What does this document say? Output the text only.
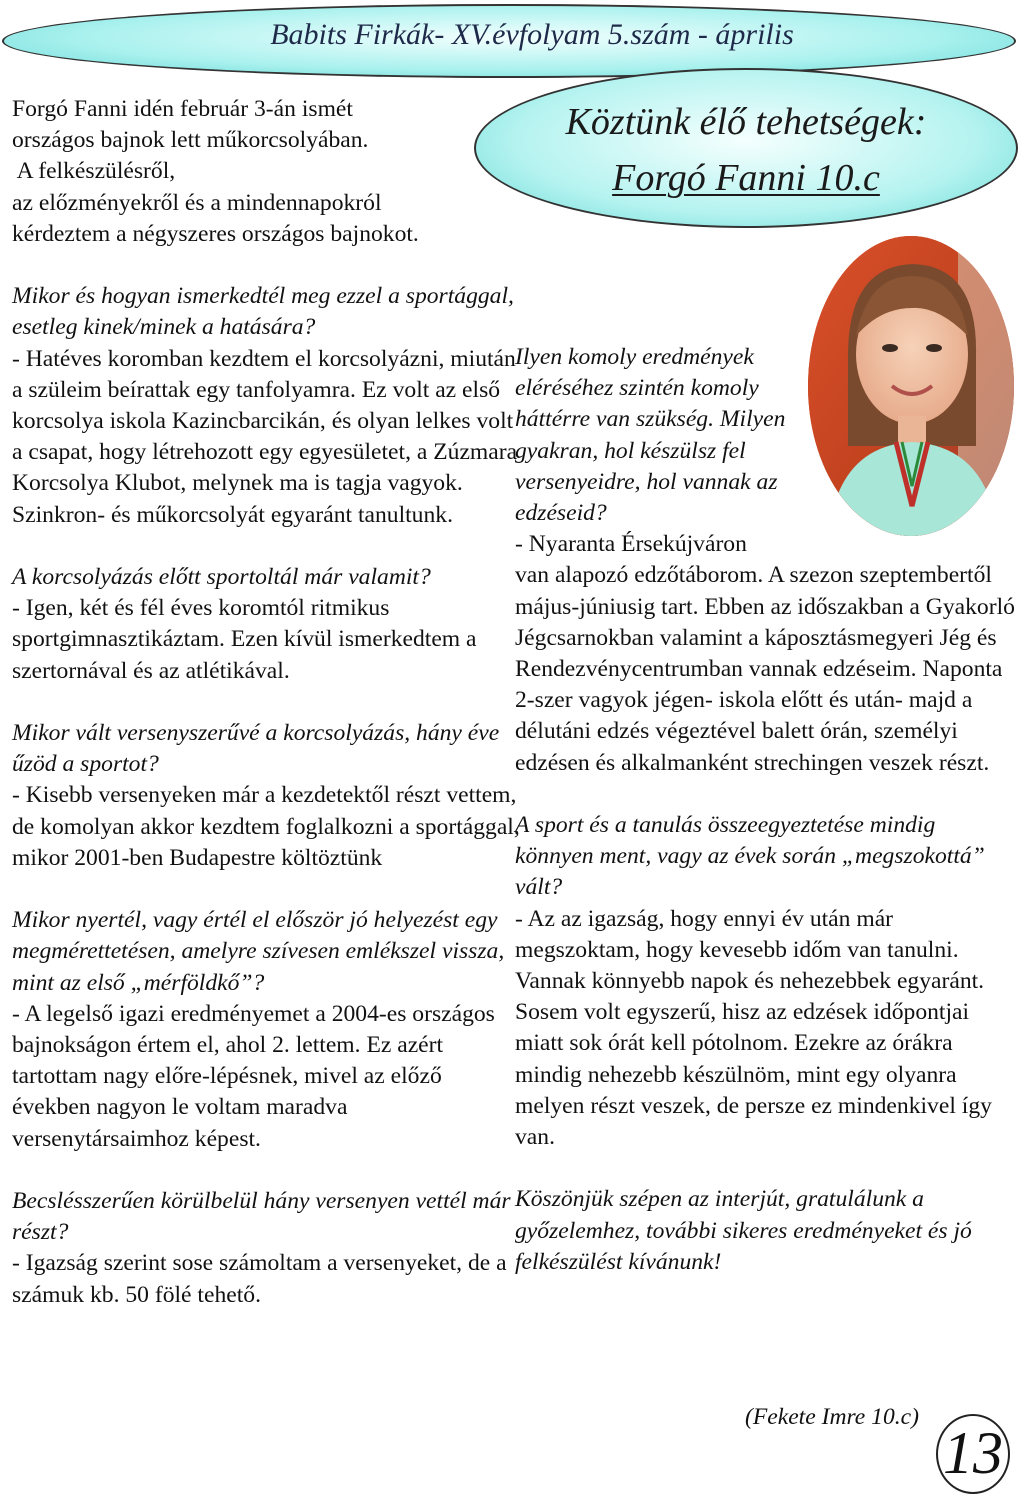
Babits Firkák- XV.évfolyam 5.szám - április
Köztünk élő tehetségek:
Forgó Fanni 10.c

Forgó Fanni idén február 3-án ismét

országos bajnok lett műkorcsolyában.

A felkészülésről,

az előzményekről és a mindennapokról

kérdeztem a négyszeres országos bajnokot.

Mikor és hogyan ismerkedtél meg ezzel a sportággal, esetleg kinek/minek a hatására?

- Hatéves koromban kezdtem el korcsolyázni, miután a szüleim beírattak egy tanfolyamra. Ez volt az első korcsolya iskola Kazincbarcikán, és olyan lelkes volt a csapat, hogy létrehozott egy egyesületet, a Zúzmara Korcsolya Klubot, melynek ma is tagja vagyok. Szinkron- és műkorcsolyát egyaránt tanultunk.

A korcsolyázás előtt sportoltál már valamit?

- Igen, két és fél éves koromtól ritmikus sportgimnasztikáztam. Ezen kívül ismerkedtem a szertornával és az atlétikával.

Mikor vált versenyszerűvé a korcsolyázás, hány éve űzöd a sportot?

- Kisebb versenyeken már a kezdetektől részt vettem, de komolyan akkor kezdtem foglalkozni a sportággal, mikor 2001-ben Budapestre költöztünk

Mikor nyertél, vagy értél el először jó helyezést egy megmérettetésen, amelyre szívesen emlékszel vissza, mint az első „mérföldkő”?

- A legelső igazi eredményemet a 2004-es országos bajnokságon értem el, ahol 2. lettem. Ez azért tartottam nagy előre-lépésnek, mivel az előző években nagyon le voltam maradva versenytársaimhoz képest.

Becslésszerűen körülbelül hány versenyen vettél már részt?

- Igazság szerint sose számoltam a versenyeket, de a számuk kb. 50 fölé tehető.

Ilyen komoly eredmények eléréséhez szintén komoly háttérre van szükség. Milyen gyakran, hol készülsz fel versenyeidre, hol vannak az edzéseid?

- Nyaranta Érsekújváron

van alapozó edzőtáborom. A szezon szeptembertől május-júniusig tart. Ebben az időszakban a Gyakorló Jégcsarnokban valamint a káposztásmegyeri Jég és Rendezvénycentrumban vannak edzéseim. Naponta 2-szer vagyok jégen- iskola előtt és után- majd a délutáni edzés végeztével balett órán, személyi edzésen és alkalmanként strechingen veszek részt.

A sport és a tanulás összeegyeztetése mindig könnyen ment, vagy az évek során „megszokottá” vált?

- Az az igazság, hogy ennyi év után már megszoktam, hogy kevesebb időm van tanulni. Vannak könnyebb napok és nehezebbek egyaránt. Sosem volt egyszerű, hisz az edzések időpontjai miatt sok órát kell pótolnom. Ezekre az órákra mindig nehezebb készülnöm, mint egy olyanra melyen részt veszek, de persze ez mindenkivel így van.

Köszönjük szépen az interjút, gratulálunk a győzelemhez, további sikeres eredményeket és jó felkészülést kívánunk!

(Fekete Imre 10.c)
13
